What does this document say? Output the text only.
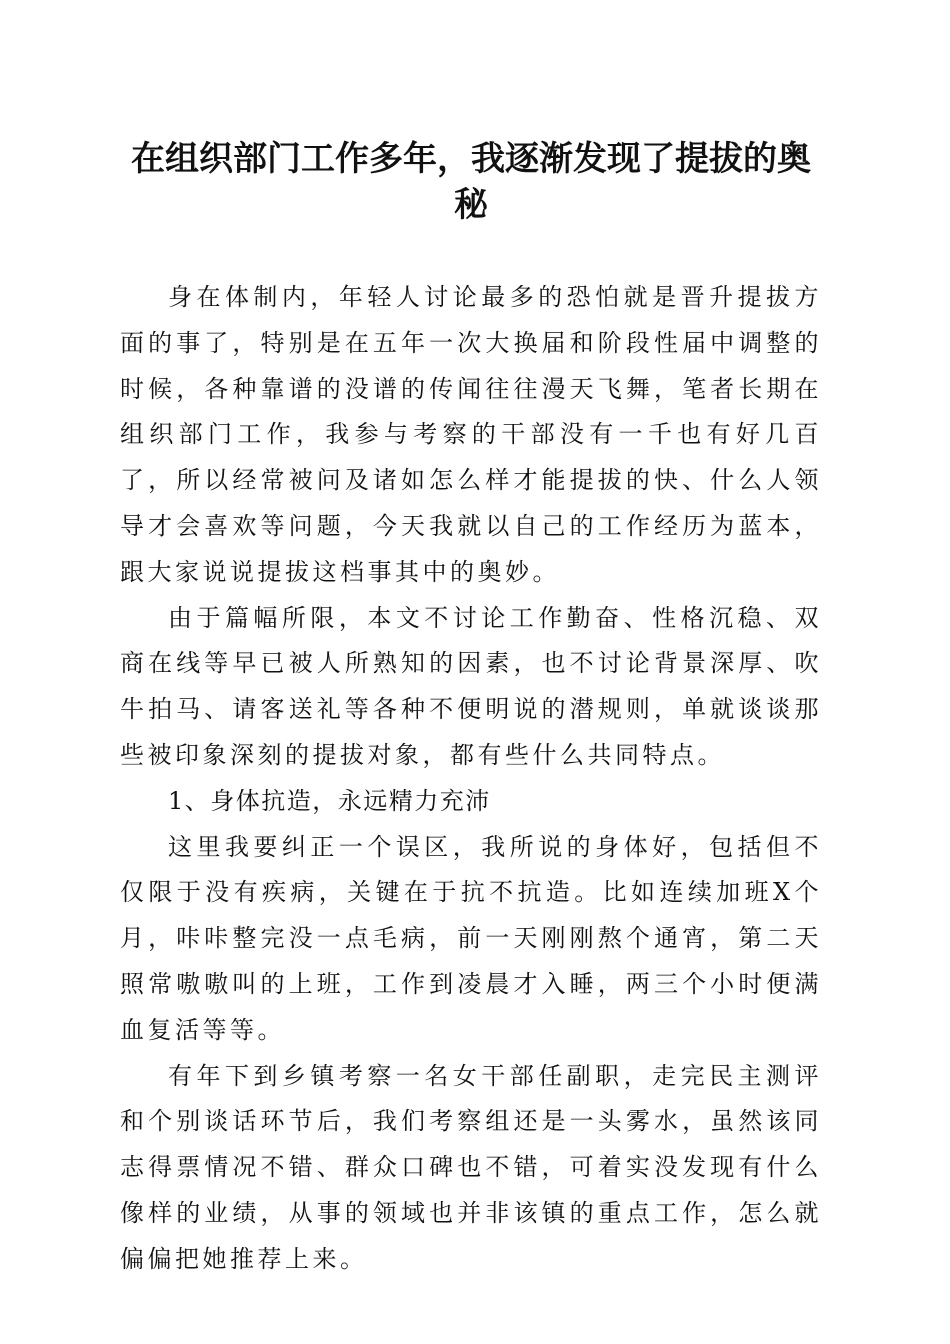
在组织部门工作多年，我逐渐发现了提拔的奥秘

身在体制内，年轻人讨论最多的恐怕就是晋升提拔方面的事了，特别是在五年一次大换届和阶段性届中调整的时候，各种靠谱的没谱的传闻往往漫天飞舞，笔者长期在组织部门工作，我参与考察的干部没有一千也有好几百了，所以经常被问及诸如怎么样才能提拔的快、什么人领导才会喜欢等问题，今天我就以自己的工作经历为蓝本，跟大家说说提拔这档事其中的奥妙。

由于篇幅所限，本文不讨论工作勤奋、性格沉稳、双商在线等早已被人所熟知的因素，也不讨论背景深厚、吹牛拍马、请客送礼等各种不便明说的潜规则，单就谈谈那些被印象深刻的提拔对象，都有些什么共同特点。

1、身体抗造，永远精力充沛

这里我要纠正一个误区，我所说的身体好，包括但不仅限于没有疾病，关键在于抗不抗造。比如连续加班X个月，咔咔整完没一点毛病，前一天刚刚熬个通宵，第二天照常嗷嗷叫的上班，工作到凌晨才入睡，两三个小时便满血复活等等。

有年下到乡镇考察一名女干部任副职，走完民主测评和个别谈话环节后，我们考察组还是一头雾水，虽然该同志得票情况不错、群众口碑也不错，可着实没发现有什么像样的业绩，从事的领域也并非该镇的重点工作，怎么就偏偏把她推荐上来。
